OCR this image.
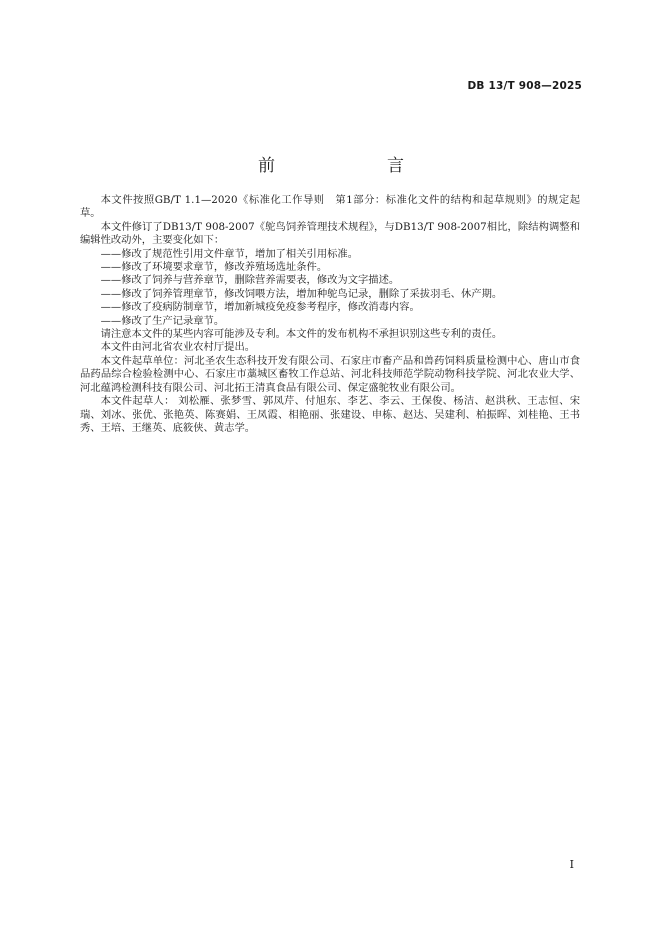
DB 13/T 908—2025
前　　言

本文件按照GB/T 1.1—2020《标准化工作导则　第1部分：标准化文件的结构和起草规则》的规定起草。

本文件修订了DB13/T 908-2007《鸵鸟饲养管理技术规程》，与DB13/T 908-2007相比，除结构调整和编辑性改动外，主要变化如下：

——修改了规范性引用文件章节，增加了相关引用标准。

——修改了环境要求章节，修改养殖场选址条件。

——修改了饲养与营养章节，删除营养需要表，修改为文字描述。

——修改了饲养管理章节，修改饲喂方法，增加种鸵鸟记录，删除了采拔羽毛、休产期。

——修改了疫病防制章节，增加新城疫免疫参考程序，修改消毒内容。

——修改了生产记录章节。

请注意本文件的某些内容可能涉及专利。本文件的发布机构不承担识别这些专利的责任。

本文件由河北省农业农村厅提出。

本文件起草单位：河北圣农生态科技开发有限公司、石家庄市畜产品和兽药饲料质量检测中心、唐山市食品药品综合检验检测中心、石家庄市藁城区畜牧工作总站、河北科技师范学院动物科技学院、河北农业大学、河北蕴鸿检测科技有限公司、河北拓王清真食品有限公司、保定盛鸵牧业有限公司。

本文件起草人： 刘松雁、张梦雪、郭凤芹、付旭东、李艺、李云、王保俊、杨洁、赵洪秋、王志恒、宋瑞、刘冰、张优、张艳英、陈赛娟、王凤霞、相艳丽、张建设、申栋、赵达、吴建利、柏振晖、刘桂艳、王书秀、王培、王继英、底筱侠、黄志学。

I
